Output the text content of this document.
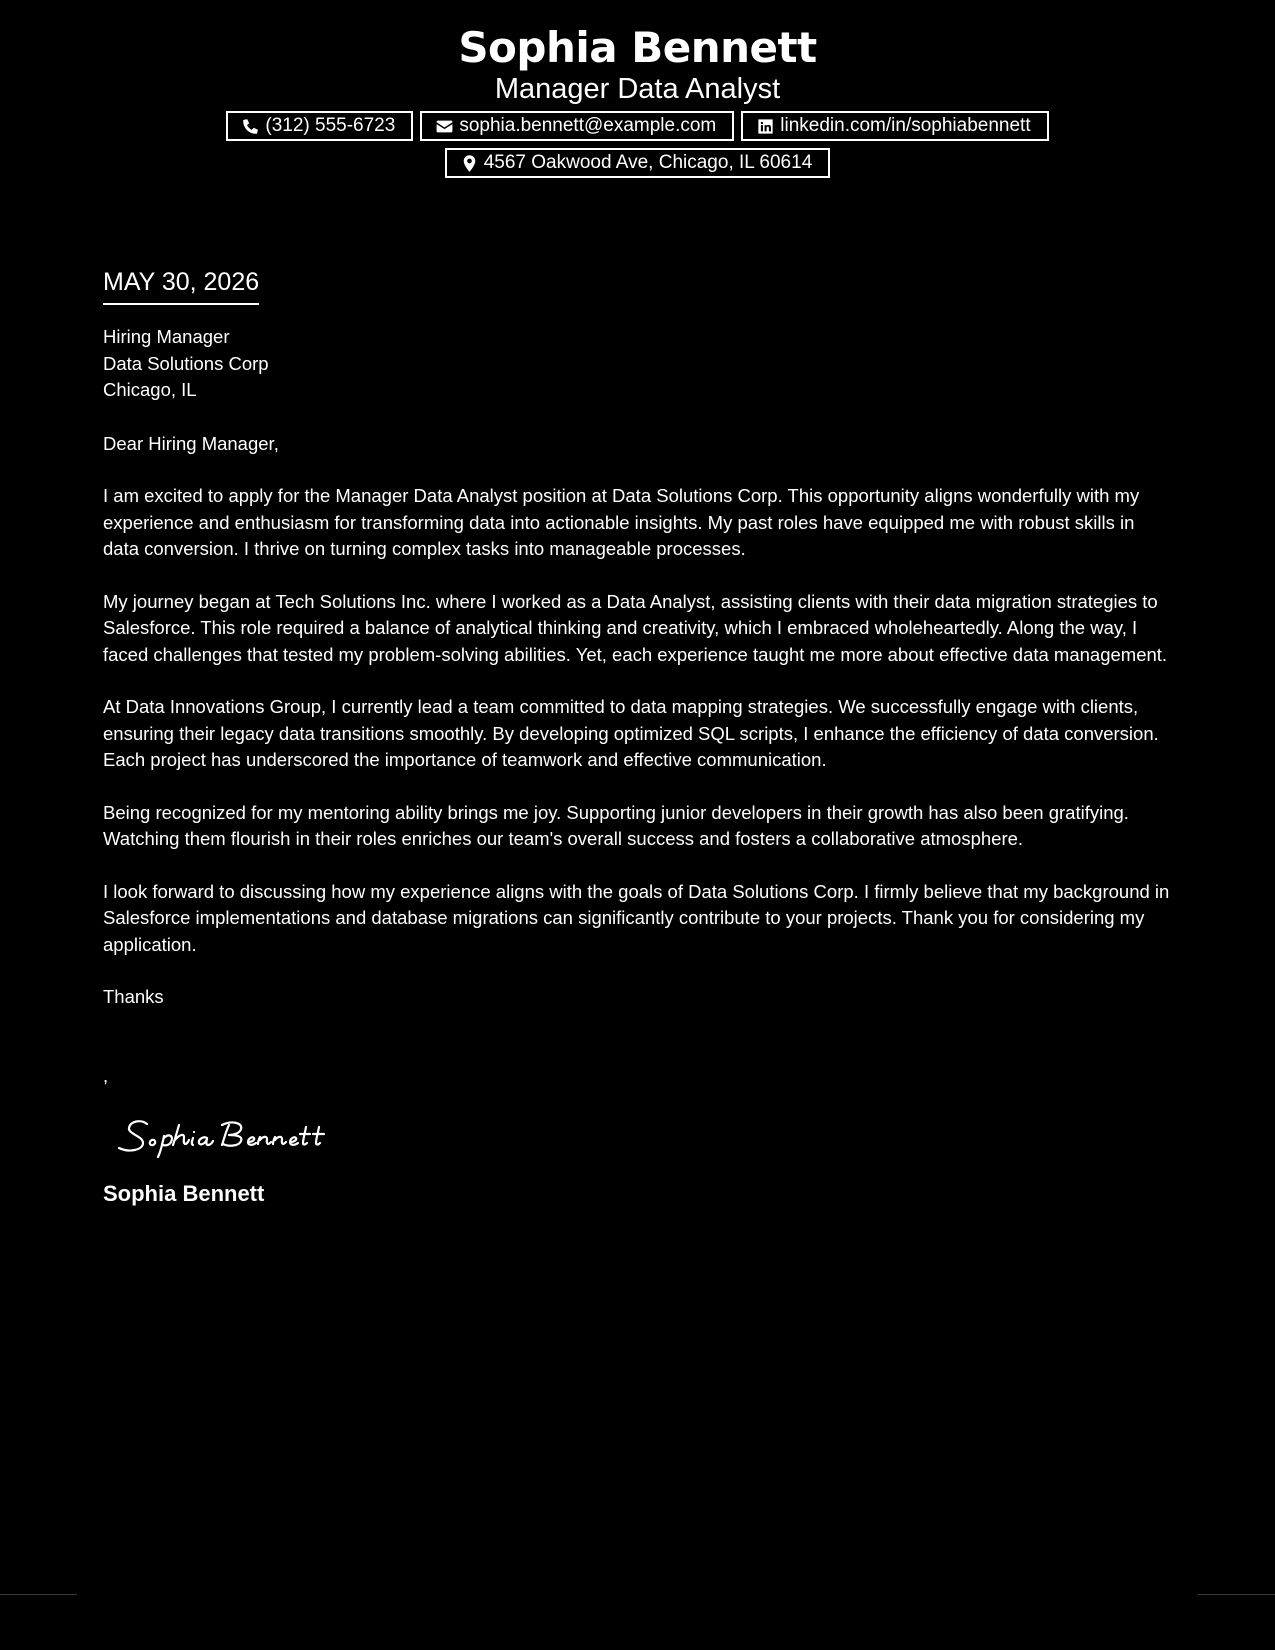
Sophia Bennett
Manager Data Analyst
(312) 555-6723	sophia.bennett@example.com	linkedin.com/in/sophiabennett
4567 Oakwood Ave, Chicago, IL 60614
MAY 30, 2026
Hiring Manager
Data Solutions Corp
Chicago, IL
Dear Hiring Manager,
I am excited to apply for the Manager Data Analyst position at Data Solutions Corp. This opportunity aligns wonderfully with my experience and enthusiasm for transforming data into actionable insights. My past roles have equipped me with robust skills in data conversion. I thrive on turning complex tasks into manageable processes.
My journey began at Tech Solutions Inc. where I worked as a Data Analyst, assisting clients with their data migration strategies to Salesforce. This role required a balance of analytical thinking and creativity, which I embraced wholeheartedly. Along the way, I faced challenges that tested my problem-solving abilities. Yet, each experience taught me more about effective data management.
At Data Innovations Group, I currently lead a team committed to data mapping strategies. We successfully engage with clients, ensuring their legacy data transitions smoothly. By developing optimized SQL scripts, I enhance the efficiency of data conversion. Each project has underscored the importance of teamwork and effective communication.
Being recognized for my mentoring ability brings me joy. Supporting junior developers in their growth has also been gratifying. Watching them flourish in their roles enriches our team's overall success and fosters a collaborative atmosphere.
I look forward to discussing how my experience aligns with the goals of Data Solutions Corp. I firmly believe that my background in Salesforce implementations and database migrations can significantly contribute to your projects. Thank you for considering my application.
Thanks
,
Sophia Bennett
